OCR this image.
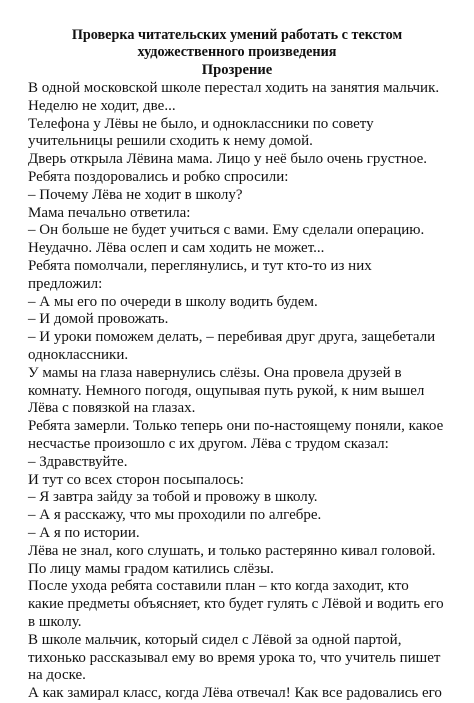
Проверка читательских умений работать с текстом
художественного произведения
Прозрение

В одной московской школе перестал ходить на занятия мальчик. Неделю не ходит, две...

Телефона у Лёвы не было, и одноклассники по совету учительницы решили сходить к нему домой.

Дверь открыла Лёвина мама. Лицо у неё было очень грустное.

Ребята поздоровались и робко спросили:

– Почему Лёва не ходит в школу?

Мама печально ответила:

– Он больше не будет учиться с вами. Ему сделали операцию. Неудачно. Лёва ослеп и сам ходить не может...

Ребята помолчали, переглянулись, и тут кто-то из них предложил:

– А мы его по очереди в школу водить будем.

– И домой провожать.

– И уроки поможем делать, – перебивая друг друга, защебетали одноклассники.

У мамы на глаза навернулись слёзы. Она провела друзей в комнату. Немного погодя, ощупывая путь рукой, к ним вышел Лёва с повязкой на глазах.

Ребята замерли. Только теперь они по-настоящему поняли, какое несчастье произошло с их другом. Лёва с трудом сказал:

– Здравствуйте.

И тут со всех сторон посыпалось:

– Я завтра зайду за тобой и провожу в школу.

– А я расскажу, что мы проходили по алгебре.

– А я по истории.

Лёва не знал, кого слушать, и только растерянно кивал головой. По лицу мамы градом катились слёзы.

После ухода ребята составили план – кто когда заходит, кто какие предметы объясняет, кто будет гулять с Лёвой и водить его в школу.

В школе мальчик, который сидел с Лёвой за одной партой, тихонько рассказывал ему во время урока то, что учитель пишет на доске.

А как замирал класс, когда Лёва отвечал! Как все радовались его
